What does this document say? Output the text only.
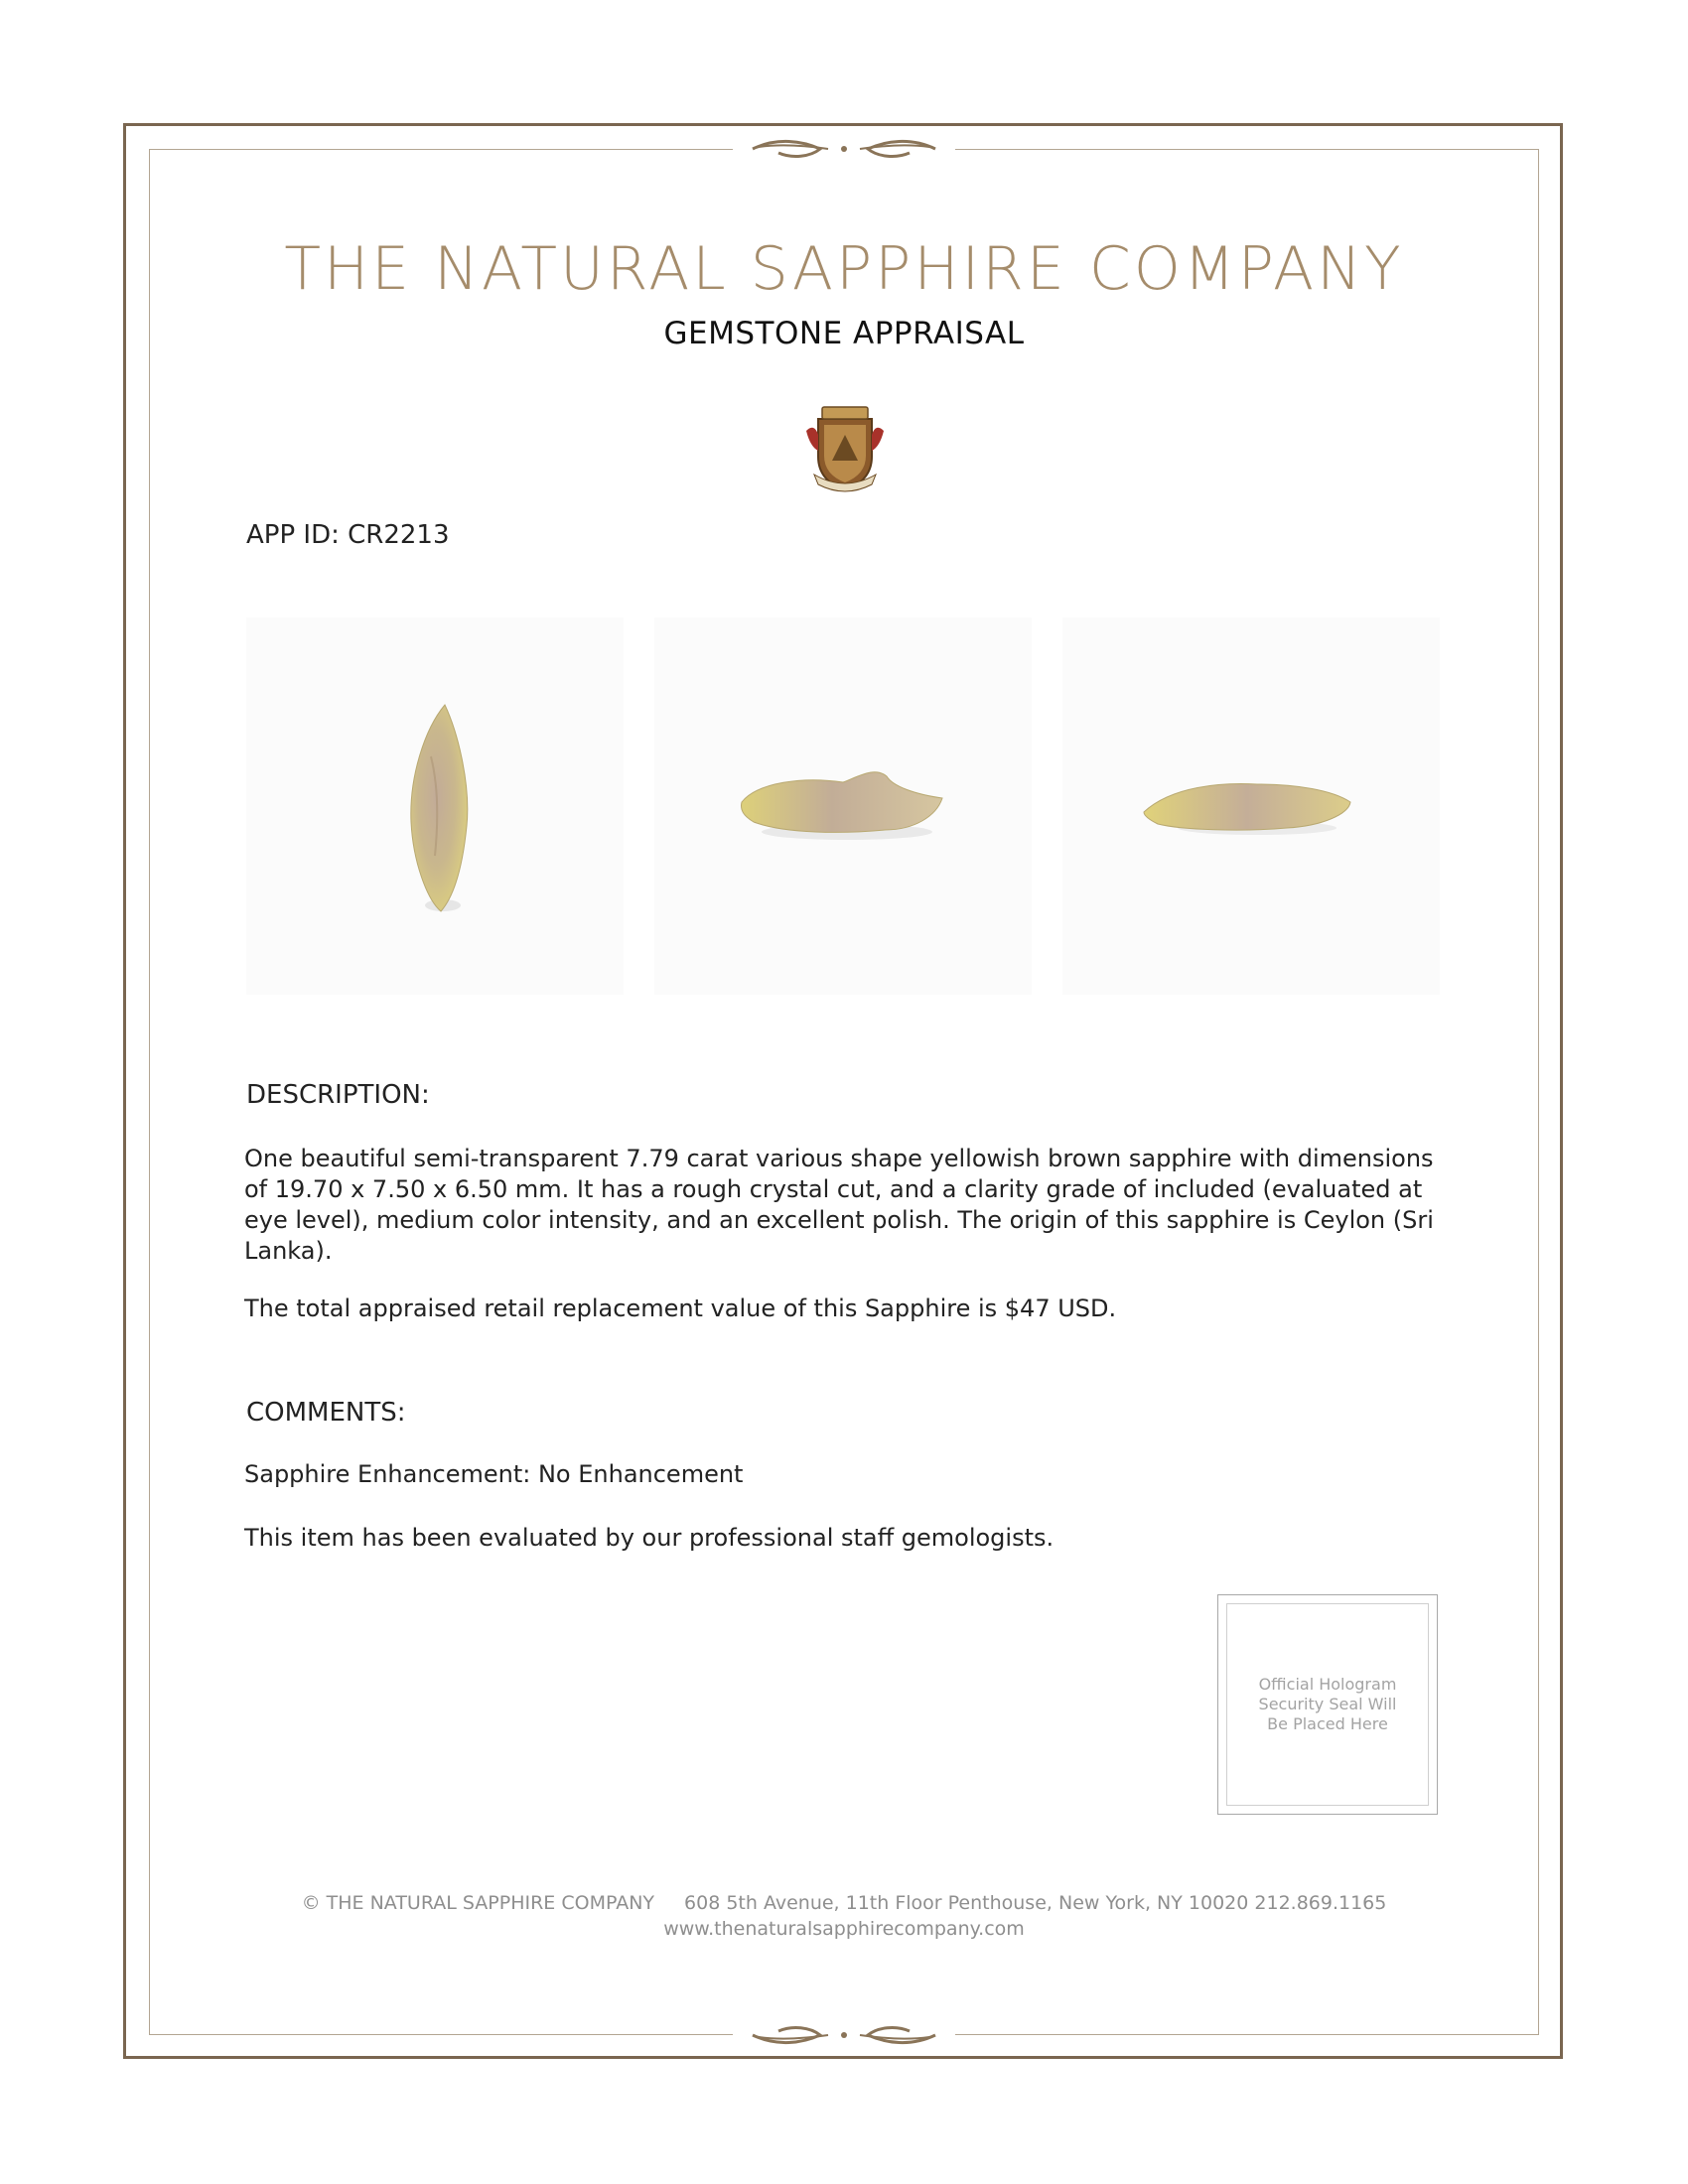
THE NATURAL SAPPHIRE COMPANY
GEMSTONE APPRAISAL
APP ID: CR2213
DESCRIPTION:

One beautiful semi-transparent 7.79 carat various shape yellowish brown sapphire with dimensions of 19.70 x 7.50 x 6.50 mm. It has a rough crystal cut, and a clarity grade of included (evaluated at eye level), medium color intensity, and an excellent polish. The origin of this sapphire is Ceylon (Sri Lanka).

The total appraised retail replacement value of this Sapphire is $47 USD.

COMMENTS:

Sapphire Enhancement: No Enhancement

This item has been evaluated by our professional staff gemologists.

Official Hologram Security Seal Will Be Placed Here
© THE NATURAL SAPPHIRE COMPANY 608 5th Avenue, 11th Floor Penthouse, New York, NY 10020 212.869.1165
www.thenaturalsapphirecompany.com
